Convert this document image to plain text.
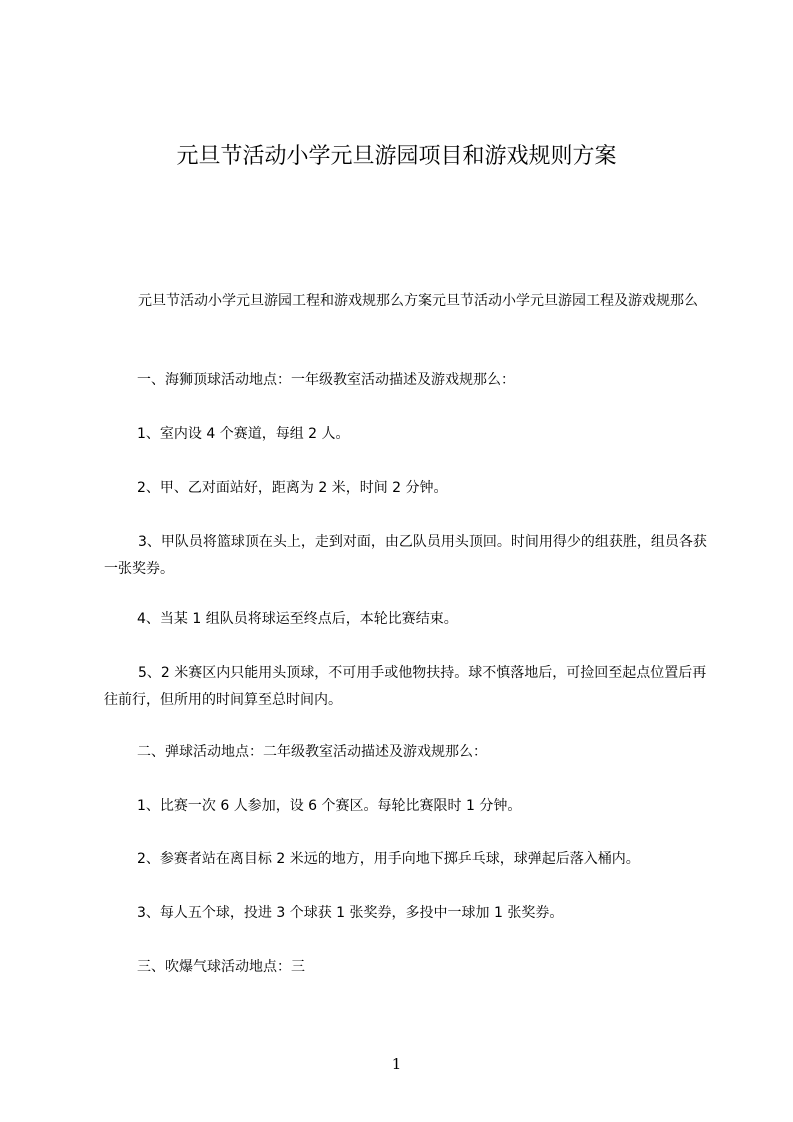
元旦节活动小学元旦游园项目和游戏规则方案

元旦节活动小学元旦游园工程和游戏规那么方案元旦节活动小学元旦游园工程及游戏规那么

一、海狮顶球活动地点：一年级教室活动描述及游戏规那么：

1、室内设 4 个赛道，每组 2 人。

2、甲、乙对面站好，距离为 2 米，时间 2 分钟。

3、甲队员将篮球顶在头上，走到对面，由乙队员用头顶回。时间用得少的组获胜，组员各获一张奖券。

4、当某 1 组队员将球运至终点后，本轮比赛结束。

5、2 米赛区内只能用头顶球，不可用手或他物扶持。球不慎落地后，可捡回至起点位置后再往前行，但所用的时间算至总时间内。

二、弹球活动地点：二年级教室活动描述及游戏规那么：

1、比赛一次 6 人参加，设 6 个赛区。每轮比赛限时 1 分钟。

2、参赛者站在离目标 2 米远的地方，用手向地下掷乒乓球，球弹起后落入桶内。

3、每人五个球，投进 3 个球获 1 张奖券，多投中一球加 1 张奖券。

三、吹爆气球活动地点：三

1
